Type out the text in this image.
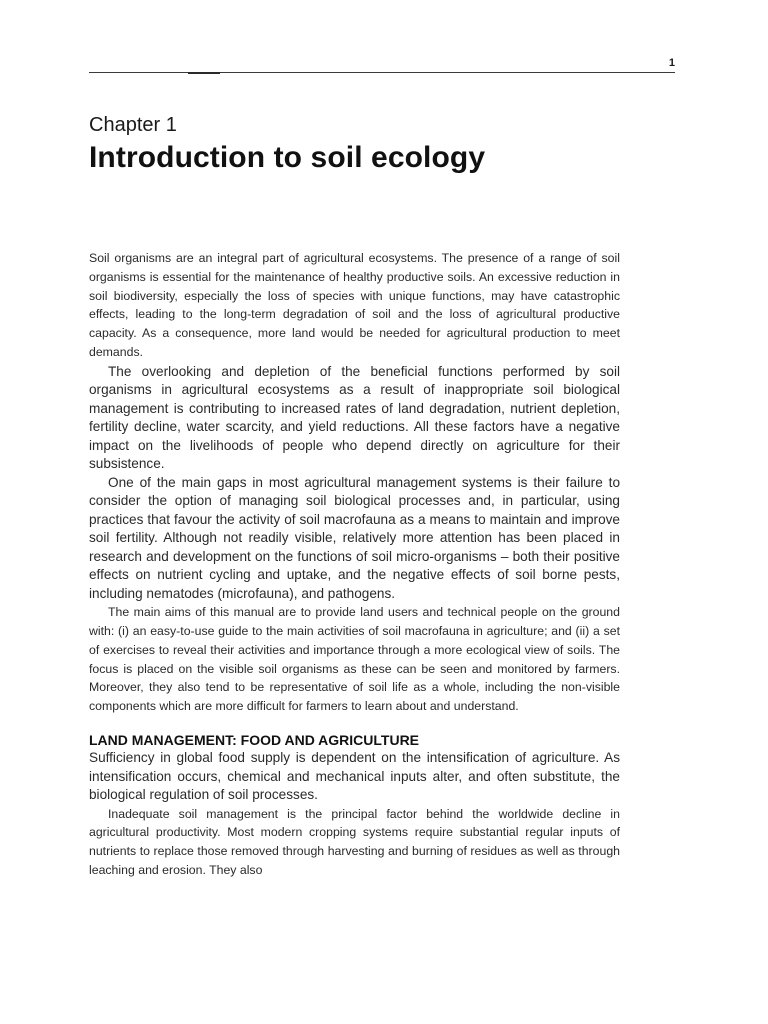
1
Chapter 1
Introduction to soil ecology

Soil organisms are an integral part of agricultural ecosystems. The presence of a range of soil organisms is essential for the maintenance of healthy productive soils. An excessive reduction in soil biodiversity, especially the loss of species with unique functions, may have catastrophic effects, leading to the long-term degradation of soil and the loss of agricultural productive capacity. As a consequence, more land would be needed for agricultural production to meet demands.

The overlooking and depletion of the beneficial functions performed by soil organisms in agricultural ecosystems as a result of inappropriate soil biological management is contributing to increased rates of land degradation, nutrient depletion, fertility decline, water scarcity, and yield reductions. All these factors have a negative impact on the livelihoods of people who depend directly on agriculture for their subsistence.

One of the main gaps in most agricultural management systems is their failure to consider the option of managing soil biological processes and, in particular, using practices that favour the activity of soil macrofauna as a means to maintain and improve soil fertility. Although not readily visible, relatively more attention has been placed in research and development on the functions of soil micro-organisms – both their positive effects on nutrient cycling and uptake, and the negative effects of soil borne pests, including nematodes (microfauna), and pathogens.

The main aims of this manual are to provide land users and technical people on the ground with: (i) an easy-to-use guide to the main activities of soil macrofauna in agriculture; and (ii) a set of exercises to reveal their activities and importance through a more ecological view of soils. The focus is placed on the visible soil organisms as these can be seen and monitored by farmers. Moreover, they also tend to be representative of soil life as a whole, including the non-visible components which are more difficult for farmers to learn about and understand.

LAND MANAGEMENT: FOOD AND AGRICULTURE

Sufficiency in global food supply is dependent on the intensification of agriculture. As intensification occurs, chemical and mechanical inputs alter, and often substitute, the biological regulation of soil processes.

Inadequate soil management is the principal factor behind the worldwide decline in agricultural productivity. Most modern cropping systems require substantial regular inputs of nutrients to replace those removed through harvesting and burning of residues as well as through leaching and erosion. They also
